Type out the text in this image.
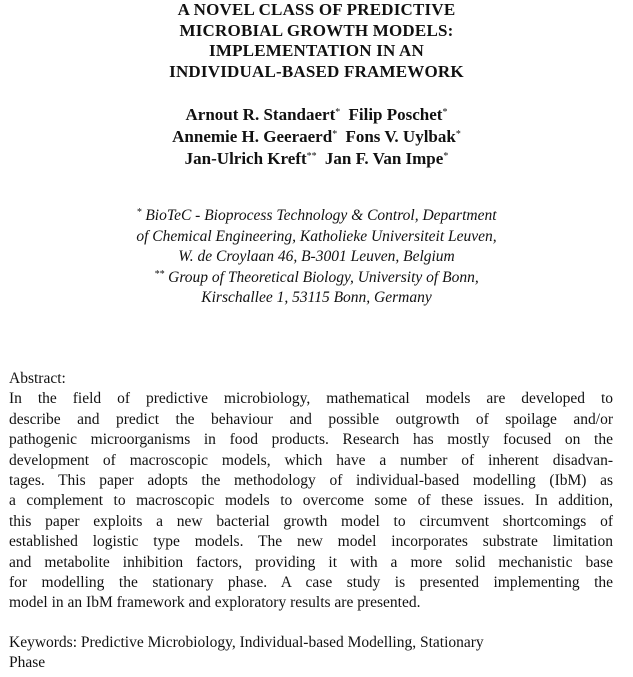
A NOVEL CLASS OF PREDICTIVE
MICROBIAL GROWTH MODELS:
IMPLEMENTATION IN AN
INDIVIDUAL-BASED FRAMEWORK
Arnout R. Standaert* Filip Poschet*
Annemie H. Geeraerd* Fons V. Uylbak*
Jan-Ulrich Kreft** Jan F. Van Impe*
* BioTeC - Bioprocess Technology & Control, Department
of Chemical Engineering, Katholieke Universiteit Leuven,
W. de Croylaan 46, B-3001 Leuven, Belgium
** Group of Theoretical Biology, University of Bonn,
Kirschallee 1, 53115 Bonn, Germany
Abstract:
In the field of predictive microbiology, mathematical models are developed to
describe and predict the behaviour and possible outgrowth of spoilage and/or
pathogenic microorganisms in food products. Research has mostly focused on the
development of macroscopic models, which have a number of inherent disadvan-
tages. This paper adopts the methodology of individual-based modelling (IbM) as
a complement to macroscopic models to overcome some of these issues. In addition,
this paper exploits a new bacterial growth model to circumvent shortcomings of
established logistic type models. The new model incorporates substrate limitation
and metabolite inhibition factors, providing it with a more solid mechanistic base
for modelling the stationary phase. A case study is presented implementing the
model in an IbM framework and exploratory results are presented.
Keywords: Predictive Microbiology, Individual-based Modelling, Stationary
Phase
